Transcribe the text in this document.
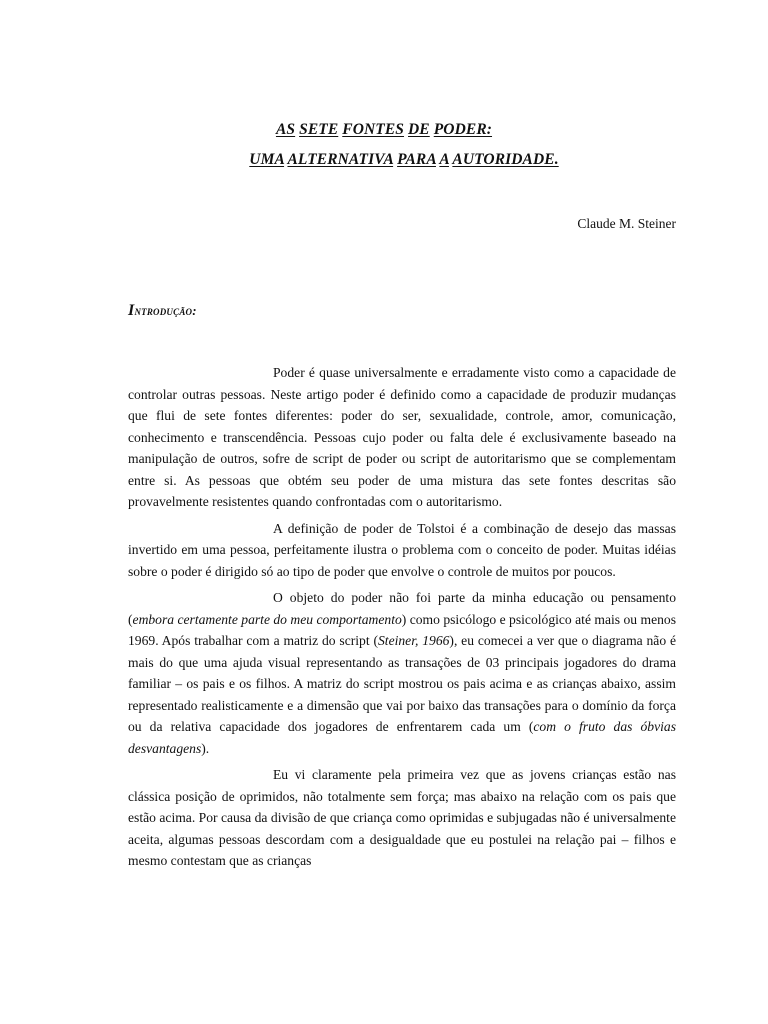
AS SETE FONTES DE PODER:
UMA ALTERNATIVA PARA A AUTORIDADE.
Claude M. Steiner
Introdução:

Poder é quase universalmente e erradamente visto como a capacidade de controlar outras pessoas. Neste artigo poder é definido como a capacidade de produzir mudanças que flui de sete fontes diferentes: poder do ser, sexualidade, controle, amor, comunicação, conhecimento e transcendência. Pessoas cujo poder ou falta dele é exclusivamente baseado na manipulação de outros, sofre de script de poder ou script de autoritarismo que se complementam entre si. As pessoas que obtém seu poder de uma mistura das sete fontes descritas são provavelmente resistentes quando confrontadas com o autoritarismo.

A definição de poder de Tolstoi é a combinação de desejo das massas invertido em uma pessoa, perfeitamente ilustra o problema com o conceito de poder. Muitas idéias sobre o poder é dirigido só ao tipo de poder que envolve o controle de muitos por poucos.

O objeto do poder não foi parte da minha educação ou pensamento (embora certamente parte do meu comportamento) como psicólogo e psicológico até mais ou menos 1969. Após trabalhar com a matriz do script (Steiner, 1966), eu comecei a ver que o diagrama não é mais do que uma ajuda visual representando as transações de 03 principais jogadores do drama familiar – os pais e os filhos. A matriz do script mostrou os pais acima e as crianças abaixo, assim representado realisticamente e a dimensão que vai por baixo das transações para o domínio da força ou da relativa capacidade dos jogadores de enfrentarem cada um (com o fruto das óbvias desvantagens).

Eu vi claramente pela primeira vez que as jovens crianças estão nas clássica posição de oprimidos, não totalmente sem força; mas abaixo na relação com os pais que estão acima. Por causa da divisão de que criança como oprimidas e subjugadas não é universalmente aceita, algumas pessoas descordam com a desigualdade que eu postulei na relação pai – filhos e mesmo contestam que as crianças
